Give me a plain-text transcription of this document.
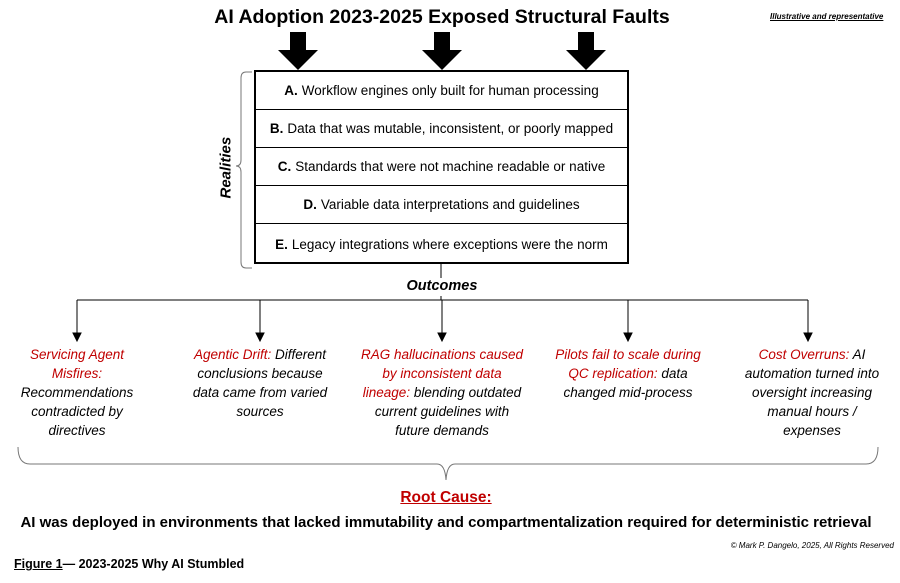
AI Adoption 2023-2025 Exposed Structural Faults	Illustrative and representative
Realities
A. Workflow engines only built for human processing
B. Data that was mutable, inconsistent, or poorly mapped
C. Standards that were not machine readable or native
D. Variable data interpretations and guidelines
E. Legacy integrations where exceptions were the norm
Outcomes
Servicing Agent Misfires: Recommendations contradicted by directives
Agentic Drift: Different conclusions because data came from varied sources
RAG hallucinations caused by inconsistent data lineage: blending outdated current guidelines with future demands
Pilots fail to scale during QC replication: data changed mid-process
Cost Overruns: AI automation turned into oversight increasing manual hours / expenses
Root Cause:
AI was deployed in environments that lacked immutability and compartmentalization required for deterministic retrieval
© Mark P. Dangelo, 2025, All Rights Reserved
Figure 1— 2023-2025 Why AI Stumbled
